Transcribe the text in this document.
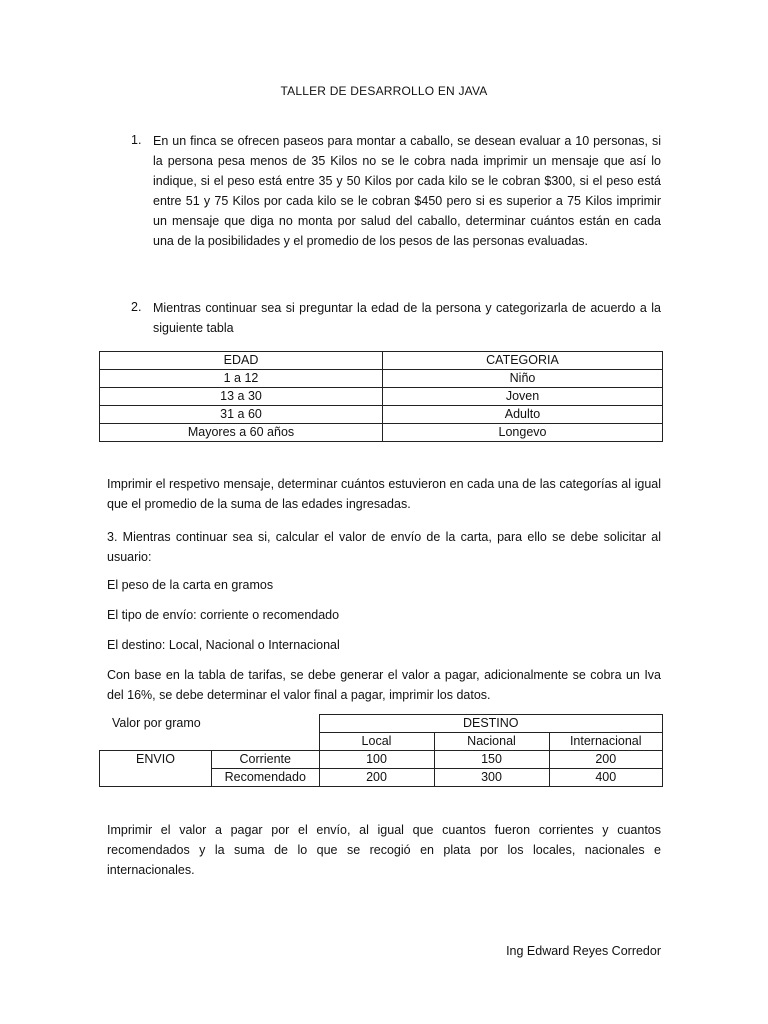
TALLER DE DESARROLLO EN JAVA
1. En un finca se ofrecen paseos para montar a caballo, se desean evaluar a 10 personas, si la persona pesa menos de 35 Kilos no se le cobra nada imprimir un mensaje que así lo indique, si el peso está entre 35 y 50 Kilos por cada kilo se le cobran $300, si el peso está entre 51 y 75 Kilos por cada kilo se le cobran $450 pero si es superior a 75 Kilos imprimir un mensaje que diga no monta por salud del caballo, determinar cuántos están en cada una de la posibilidades y el promedio de los pesos de las personas evaluadas.
2. Mientras continuar sea si preguntar la edad de la persona y categorizarla de acuerdo a la siguiente tabla
EDAD	CATEGORIA
1 a 12	Niño
13 a 30	Joven
31 a 60	Adulto
Mayores a 60 años	Longevo
Imprimir el respetivo mensaje, determinar cuántos estuvieron en cada una de las categorías al igual que el promedio de la suma de las edades ingresadas.
3. Mientras continuar sea si, calcular el valor de envío de la carta, para ello se debe solicitar al usuario:
El peso de la carta en gramos
El tipo de envío: corriente o recomendado
El destino: Local, Nacional o Internacional
Con base en la tabla de tarifas, se debe generar el valor a pagar, adicionalmente se cobra un Iva del 16%, se debe determinar el valor final a pagar, imprimir los datos.
Valor por gramo
			DESTINO		
		Local	Nacional	Internacional
ENVIO	Corriente	100	150	200
	Recomendado	200	300	400
Imprimir el valor a pagar por el envío, al igual que cuantos fueron corrientes y cuantos recomendados y la suma de lo que se recogió en plata por los locales, nacionales e internacionales.
Ing Edward Reyes Corredor
